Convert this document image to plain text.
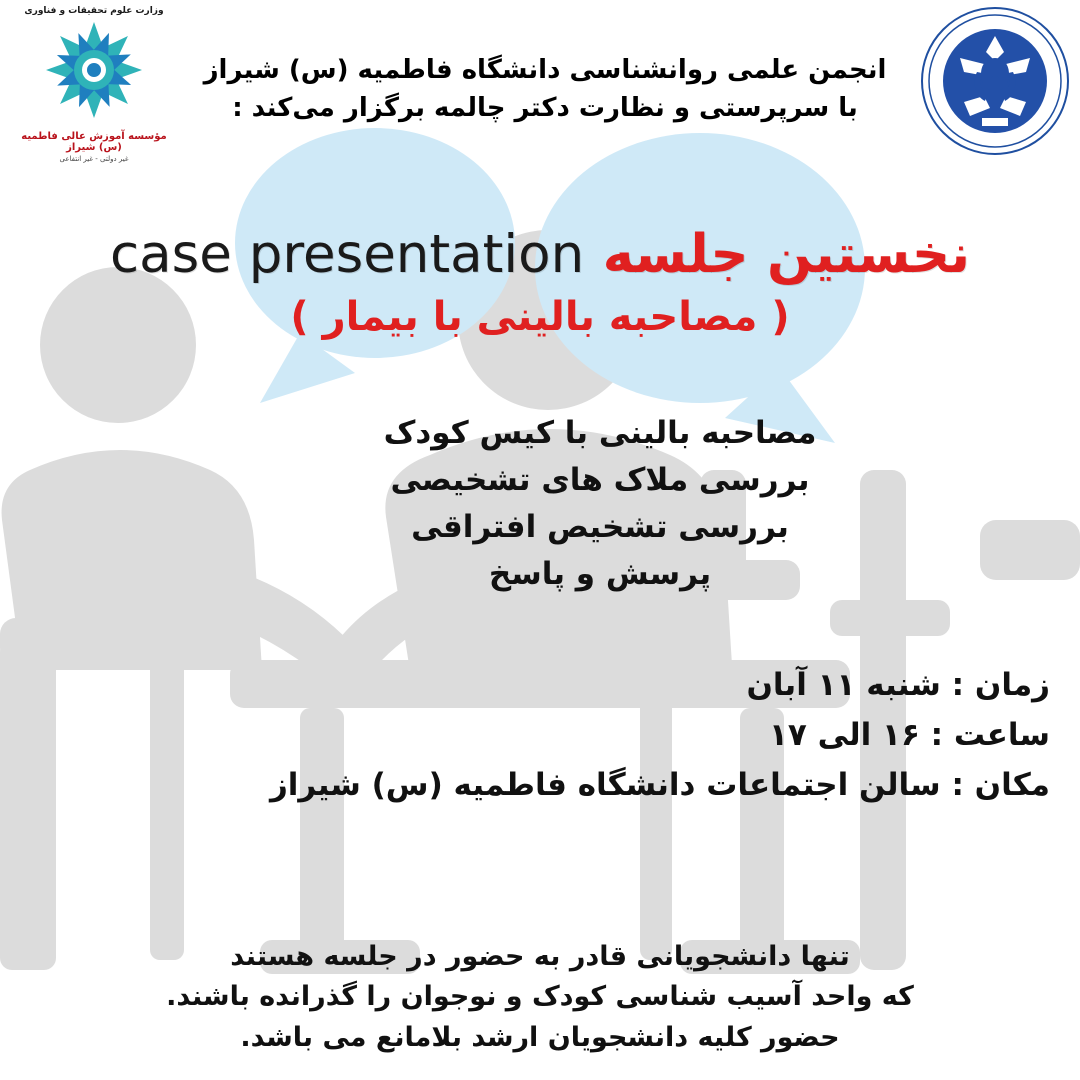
وزارت علوم تحقیقات و فناوری
مؤسسه آموزش عالی فاطمیه (س) شیراز
غیر دولتی - غیر انتفاعی
انجمن علمی روانشناسی دانشگاه فاطمیه (س) شیراز
با سرپرستی و نظارت دکتر چالمه برگزار می‌کند :
نخستین جلسه case presentation
( مصاحبه بالینی با بیمار )
مصاحبه بالینی با کیس کودک
بررسی ملاک های تشخیصی
بررسی تشخیص افتراقی
پرسش و پاسخ
زمان : شنبه ۱۱ آبان
ساعت : ۱۶ الی ۱۷
مکان : سالن اجتماعات دانشگاه فاطمیه (س) شیراز
تنها دانشجویانی قادر به حضور در جلسه هستند
که واحد آسیب شناسی کودک و نوجوان را گذرانده باشند.
حضور کلیه دانشجویان ارشد بلامانع می باشد.
